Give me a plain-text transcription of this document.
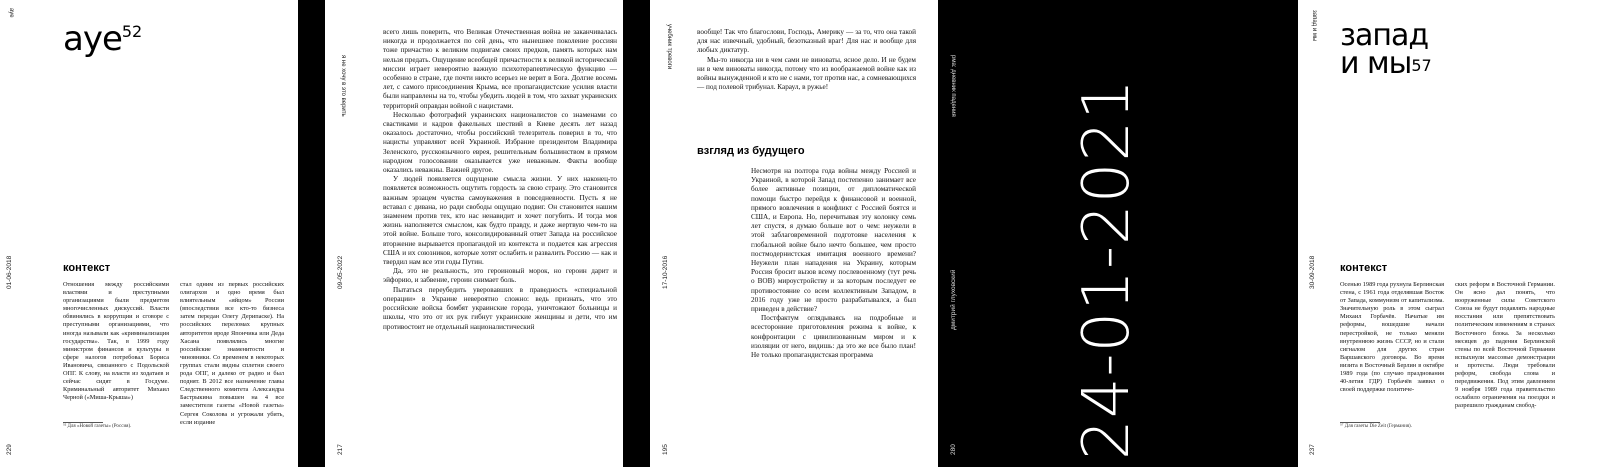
ауе
ауе$^{52}$
01-06-2018	контекст

Отношения между российскими властями и преступными организациями были предметом многочисленных дискуссий. Власти обвинялись в коррупции и сговоре с преступными организациями, что иногда называли как «криминализация государства». Так, в 1999 году министром финансов и культуры в сфере налогов потребовал Бориса Ивановича, связанного с Подольской ОПГ. К слову, на власти из ходатаев и сейчас сидят в Госдуме. Криминальный авторитет Михаил Черной («Миша-Крыша»)

стал одним из первых российских олигархов и одно время был влиятельным «яйцом» России (впоследствии все кто-то бизнеса затем передан Олегу Дерипаске). На российских переломах крупных авторитетов вроде Япончика или Деда Хасана появлялись многие российские знаменитости и чиновники. Со временем в некоторых группах стали видны сплетни своего рода ОПГ, и далеко от радио и был поднят. В 2012 все назначение главы Следственного комитета Александра Бастрыкина повышен на 4 все заместителя газеты «Новой газеты» Сергея Соколова и угрожали убить, если издание

⁵² Для «Новой газеты» (Россия).
229
я не хочу в это верить
09-05-2022

всего лишь поверить, что Великая Отечественная война не заканчивалась никогда и продолжается по сей день, что нынешнее поколение россиян тоже причастно к великим подвигам своих предков, память которых нам нельзя предать. Ощущение всеобщей причастности к великой исторической миссии играет невероятно важную психотерапевтическую функцию — особенно в стране, где почти никто всерьез не верит в Бога. Долгие восемь лет, с самого присоединения Крыма, все пропагандистские усилия власти были направлены на то, чтобы убедить людей в том, что захват украинских территорий оправдан войной с нацистами.

Несколько фотографий украинских националистов со знаменами со свастиками и кадров факельных шествий в Киеве десять лет назад оказалось достаточно, чтобы российский телезритель поверил в то, что нацисты управляют всей Украиной. Избрание президентом Владимира Зеленского, русскоязычного еврея, решительным большинством в прямом народном голосовании оказывается уже неважным. Факты вообще оказались неважны. Важней другое.

У людей появляется ощущение смысла жизни. У них наконец-то появляется возможность ощутить гордость за свою страну. Это становится важным эрзацем чувства самоуважения в повседневности. Пусть я не вставал с дивана, но ради свободы ощущаю подвиг. Он становится нашим знаменем против тех, кто нас ненавидит и хочет погубить. И тогда моя жизнь наполняется смыслом, как будто правду, и даже жертвую чем-то на этой войне. Больше того, консолидированный ответ Запада на российское вторжение вырывается пропагандой из контекста и подается как агрессия США и их союзников, которые хотят ослабить и развалить Россию — как и твердил нам все эти годы Путин.

Да, это не реальность, это героиновый морок, но героин дарит и эйфорию, и забвение, героин снимает боль.

Пытаться переубедить уверовавших в праведность «специальной операции» в Украине невероятно сложно: ведь признать, что это российские войска бомбят украинские города, уничтожают больницы и школы, что это от их рук гибнут украинские женщины и дети, что им противостоит не отдельный националистический

217
учебник тревоги	вообще! Так что благослови, Господь, Америку — за то, что она такой для нас извечный, удобный, безотказный враг! Для нас и вообще для любых диктатур.

Мы-то никогда ни в чем сами не виноваты, ясное дело. И не будем ни в чем виноваты никогда, потому что из воображаемой войне как из войны вынужденной и кто не с нами, тот против нас, а сомневающихся — под полевой трибунал. Караул, в ружье!

взгляд из будущего
17-10-2016

Несмотря на полтора года войны между Россией и Украиной, в которой Запад постепенно занимает все более активные позиции, от дипломатической помощи быстро перейдя к финансовой и военной, прямого вовлечения в конфликт с Россией боятся и США, и Европа. Но, перечитывая эту колонку семь лет спустя, я думаю больше вот о чем: неужели в этой заблаговременной подготовке населения к глобальной войне было нечто большее, чем просто постмодернистская имитация военного времени? Неужели план нападения на Украину, которым Россия бросит вызов всему послевоенному (тут речь о ВОВ) мироустройству и за которым последует ее противостояние со всем коллективным Западом, в 2016 году уже не просто разрабатывался, а был приведен в действие?

Постфактум оглядываясь на подробные и всесторонние приготовления режима к войне, к конфронтации с цивилизованным миром и к изоляции от него, видишь: да это же все было план! Не только пропагандистская программа

195
рма: дневник падения
дмитрий глуховский 24-01-2021
280
запад и мы запад
и $мы^{57}$
30-09-2018 контекст

Осенью 1989 года рухнула Берлинская стена, с 1961 года отделявшая Восток от Запада, коммунизм от капитализма. Значительную роль в этом сыграл Михаил Горбачёв. Начатые им реформы, вошедшие начали перестройкой, не только меняли внутреннюю жизнь СССР, но и стали сигналом для других стран Варшавского договора. Во время визита в Восточный Берлин в октябре 1989 года (по случаю празднования 40-летия ГДР) Горбачёв заявил о своей поддержке политиче-

ских реформ в Восточной Германии. Он ясно дал понять, что вооруженные силы Советского Союза не будут подавлять народные восстания или препятствовать политическим изменениям в странах Восточного блока. За несколько месяцев до падения Берлинской стены по всей Восточной Германии вспыхнули массовые демонстрации и протесты. Люди требовали реформ, свобода слова и передвижения. Под этим давлением 9 ноября 1989 года правительство ослабило ограничения на поездки и разрешило гражданам свобод-

⁵⁷ Для газеты Die Zeit (Германия).
237
